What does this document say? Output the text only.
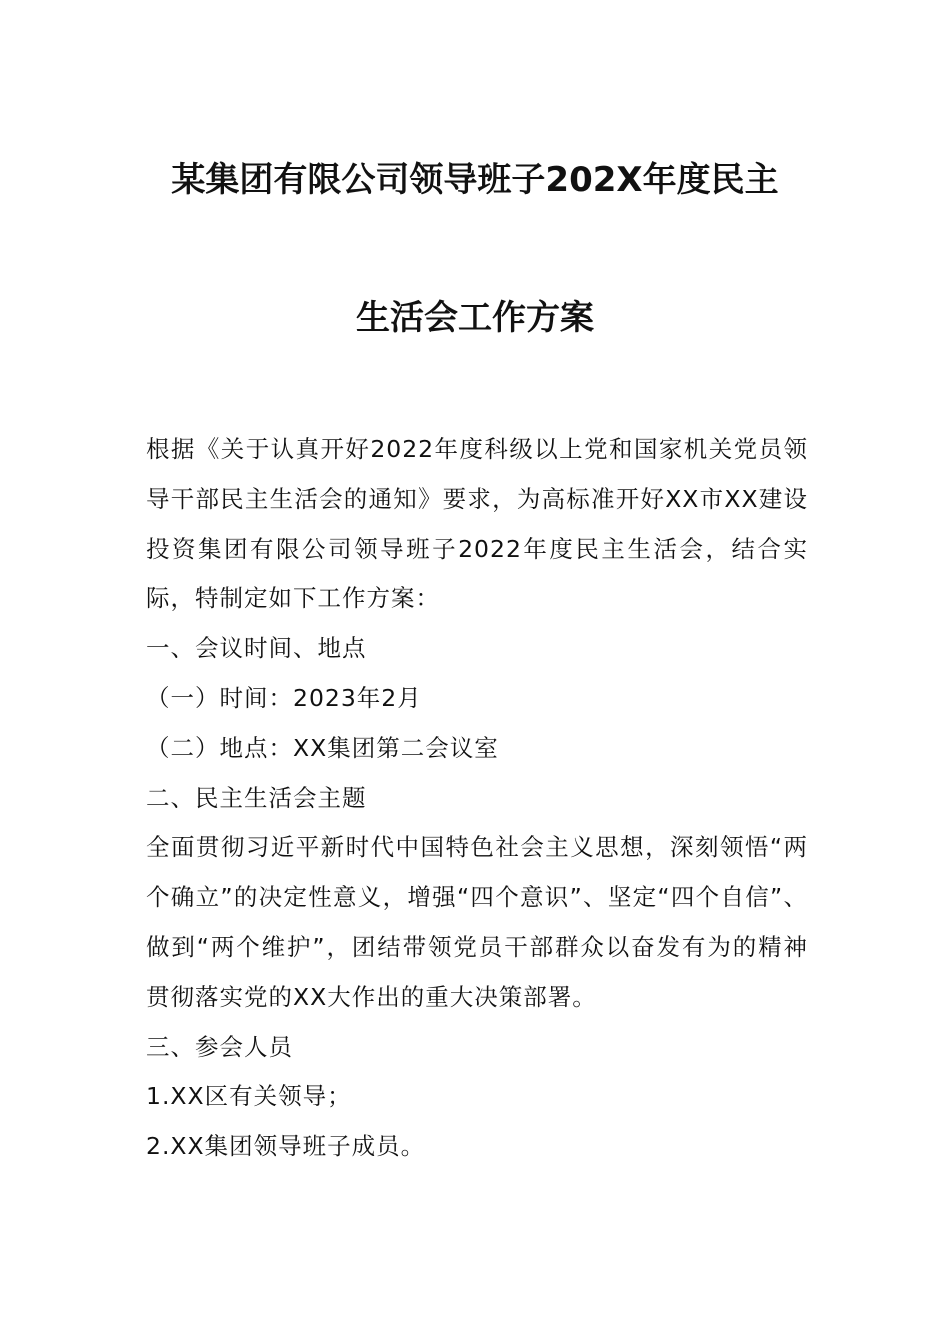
某集团有限公司领导班子202X年度民主
生活会工作方案

根据《关于认真开好2022年度科级以上党和国家机关党员领导干部民主生活会的通知》要求，为高标准开好XX市XX建设投资集团有限公司领导班子2022年度民主生活会，结合实际，特制定如下工作方案：

一、会议时间、地点

（一）时间：2023年2月

（二）地点：XX集团第二会议室

二、民主生活会主题

全面贯彻习近平新时代中国特色社会主义思想，深刻领悟“两个确立”的决定性意义，增强“四个意识”、坚定“四个自信”、做到“两个维护”，团结带领党员干部群众以奋发有为的精神贯彻落实党的XX大作出的重大决策部署。

三、参会人员

1.XX区有关领导；

2.XX集团领导班子成员。
